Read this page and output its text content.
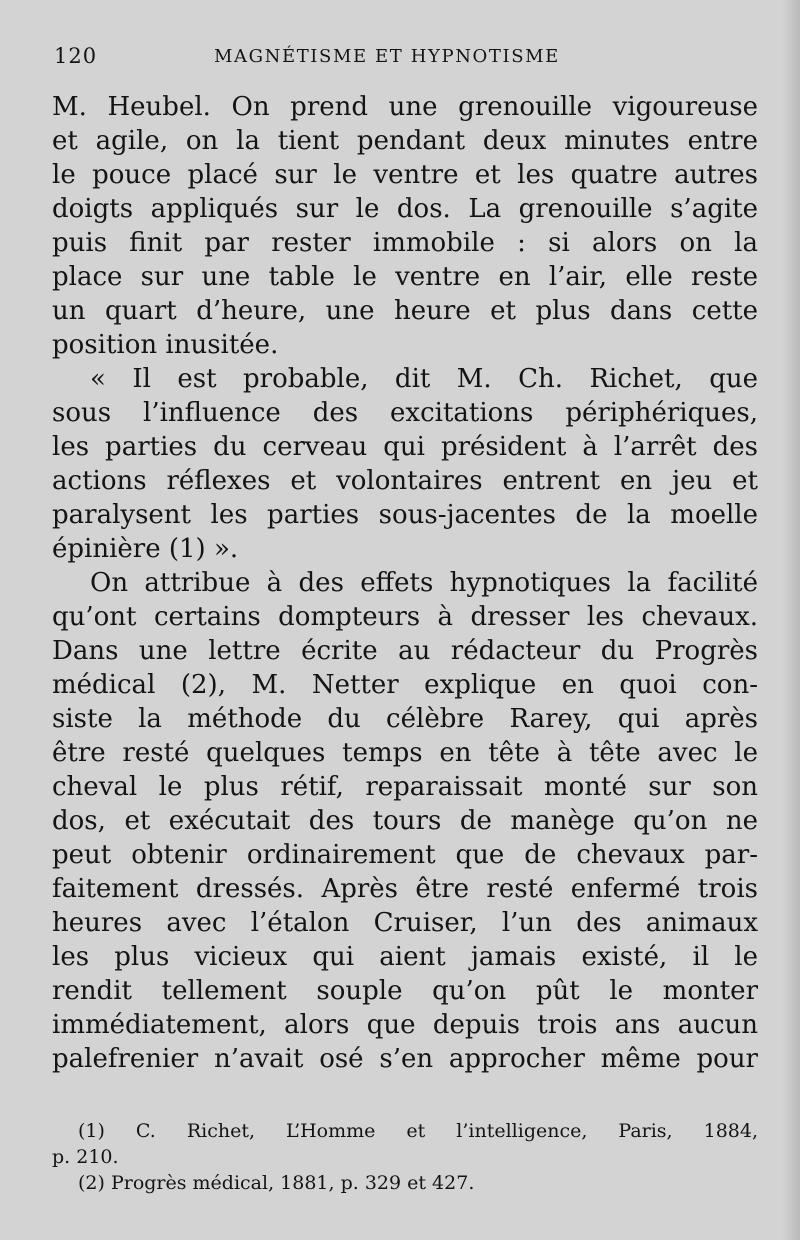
120	MAGNÉTISME ET HYPNOTISME
M. Heubel. On prend une grenouille vigoureuse
et agile, on la tient pendant deux minutes entre
le pouce placé sur le ventre et les quatre autres
doigts appliqués sur le dos. La grenouille s’agite
puis finit par rester immobile : si alors on la
place sur une table le ventre en l’air, elle reste
un quart d’heure, une heure et plus dans cette
position inusitée.
« Il est probable, dit M. Ch. Richet, que
sous l’influence des excitations périphériques,
les parties du cerveau qui président à l’arrêt des
actions réflexes et volontaires entrent en jeu et
paralysent les parties sous-jacentes de la moelle
épinière (1) ».
On attribue à des effets hypnotiques la facilité
qu’ont certains dompteurs à dresser les chevaux.
Dans une lettre écrite au rédacteur du Progrès
médical (2), M. Netter explique en quoi con-
siste la méthode du célèbre Rarey, qui après
être resté quelques temps en tête à tête avec le
cheval le plus rétif, reparaissait monté sur son
dos, et exécutait des tours de manège qu’on ne
peut obtenir ordinairement que de chevaux par-
faitement dressés. Après être resté enfermé trois
heures avec l’étalon Cruiser, l’un des animaux
les plus vicieux qui aient jamais existé, il le
rendit tellement souple qu’on pût le monter
immédiatement, alors que depuis trois ans aucun
palefrenier n’avait osé s’en approcher même pour
(1) C. Richet, L’Homme et l’intelligence, Paris, 1884,
p. 210.
(2) Progrès médical, 1881, p. 329 et 427.
